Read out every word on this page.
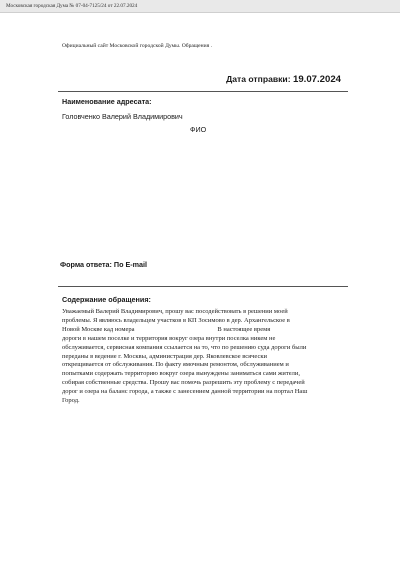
Московская городская Дума № 07-04-7125/24 от 22.07.2024
Официальный сайт Московской городской Думы. Обращения .
Дата отправки: 19.07.2024
Наименование адресата:
Головченко Валерий Владимирович
ФИО
Форма ответа: По E-mail
Содержание обращения:

Уважаемый Валерий Владимирович, прошу вас посодействовать в решении моей

проблемы. Я являюсь владельцем участков в КП Зосимово в дер. Архангельское в

Новой Москве кад номера                                                   В настоящее время

дороги в нашем поселке и территория вокруг озера внутри поселка никем не

обслуживается, сервисная компания ссылается на то, что по решению суда дороги были

переданы в ведение г. Москвы, администрация дер. Яковлевское всячески

открещивается от обслуживания. По факту ямочным ремонтом, обслуживанием и

попытками содержать территорию вокруг озера вынуждены заниматься сами жители,

собирая собственные средства. Прошу вас помочь разрешить эту проблему с передачей

дорог и озера на баланс города, а также с занесением данной территории на портал Наш

Город.
